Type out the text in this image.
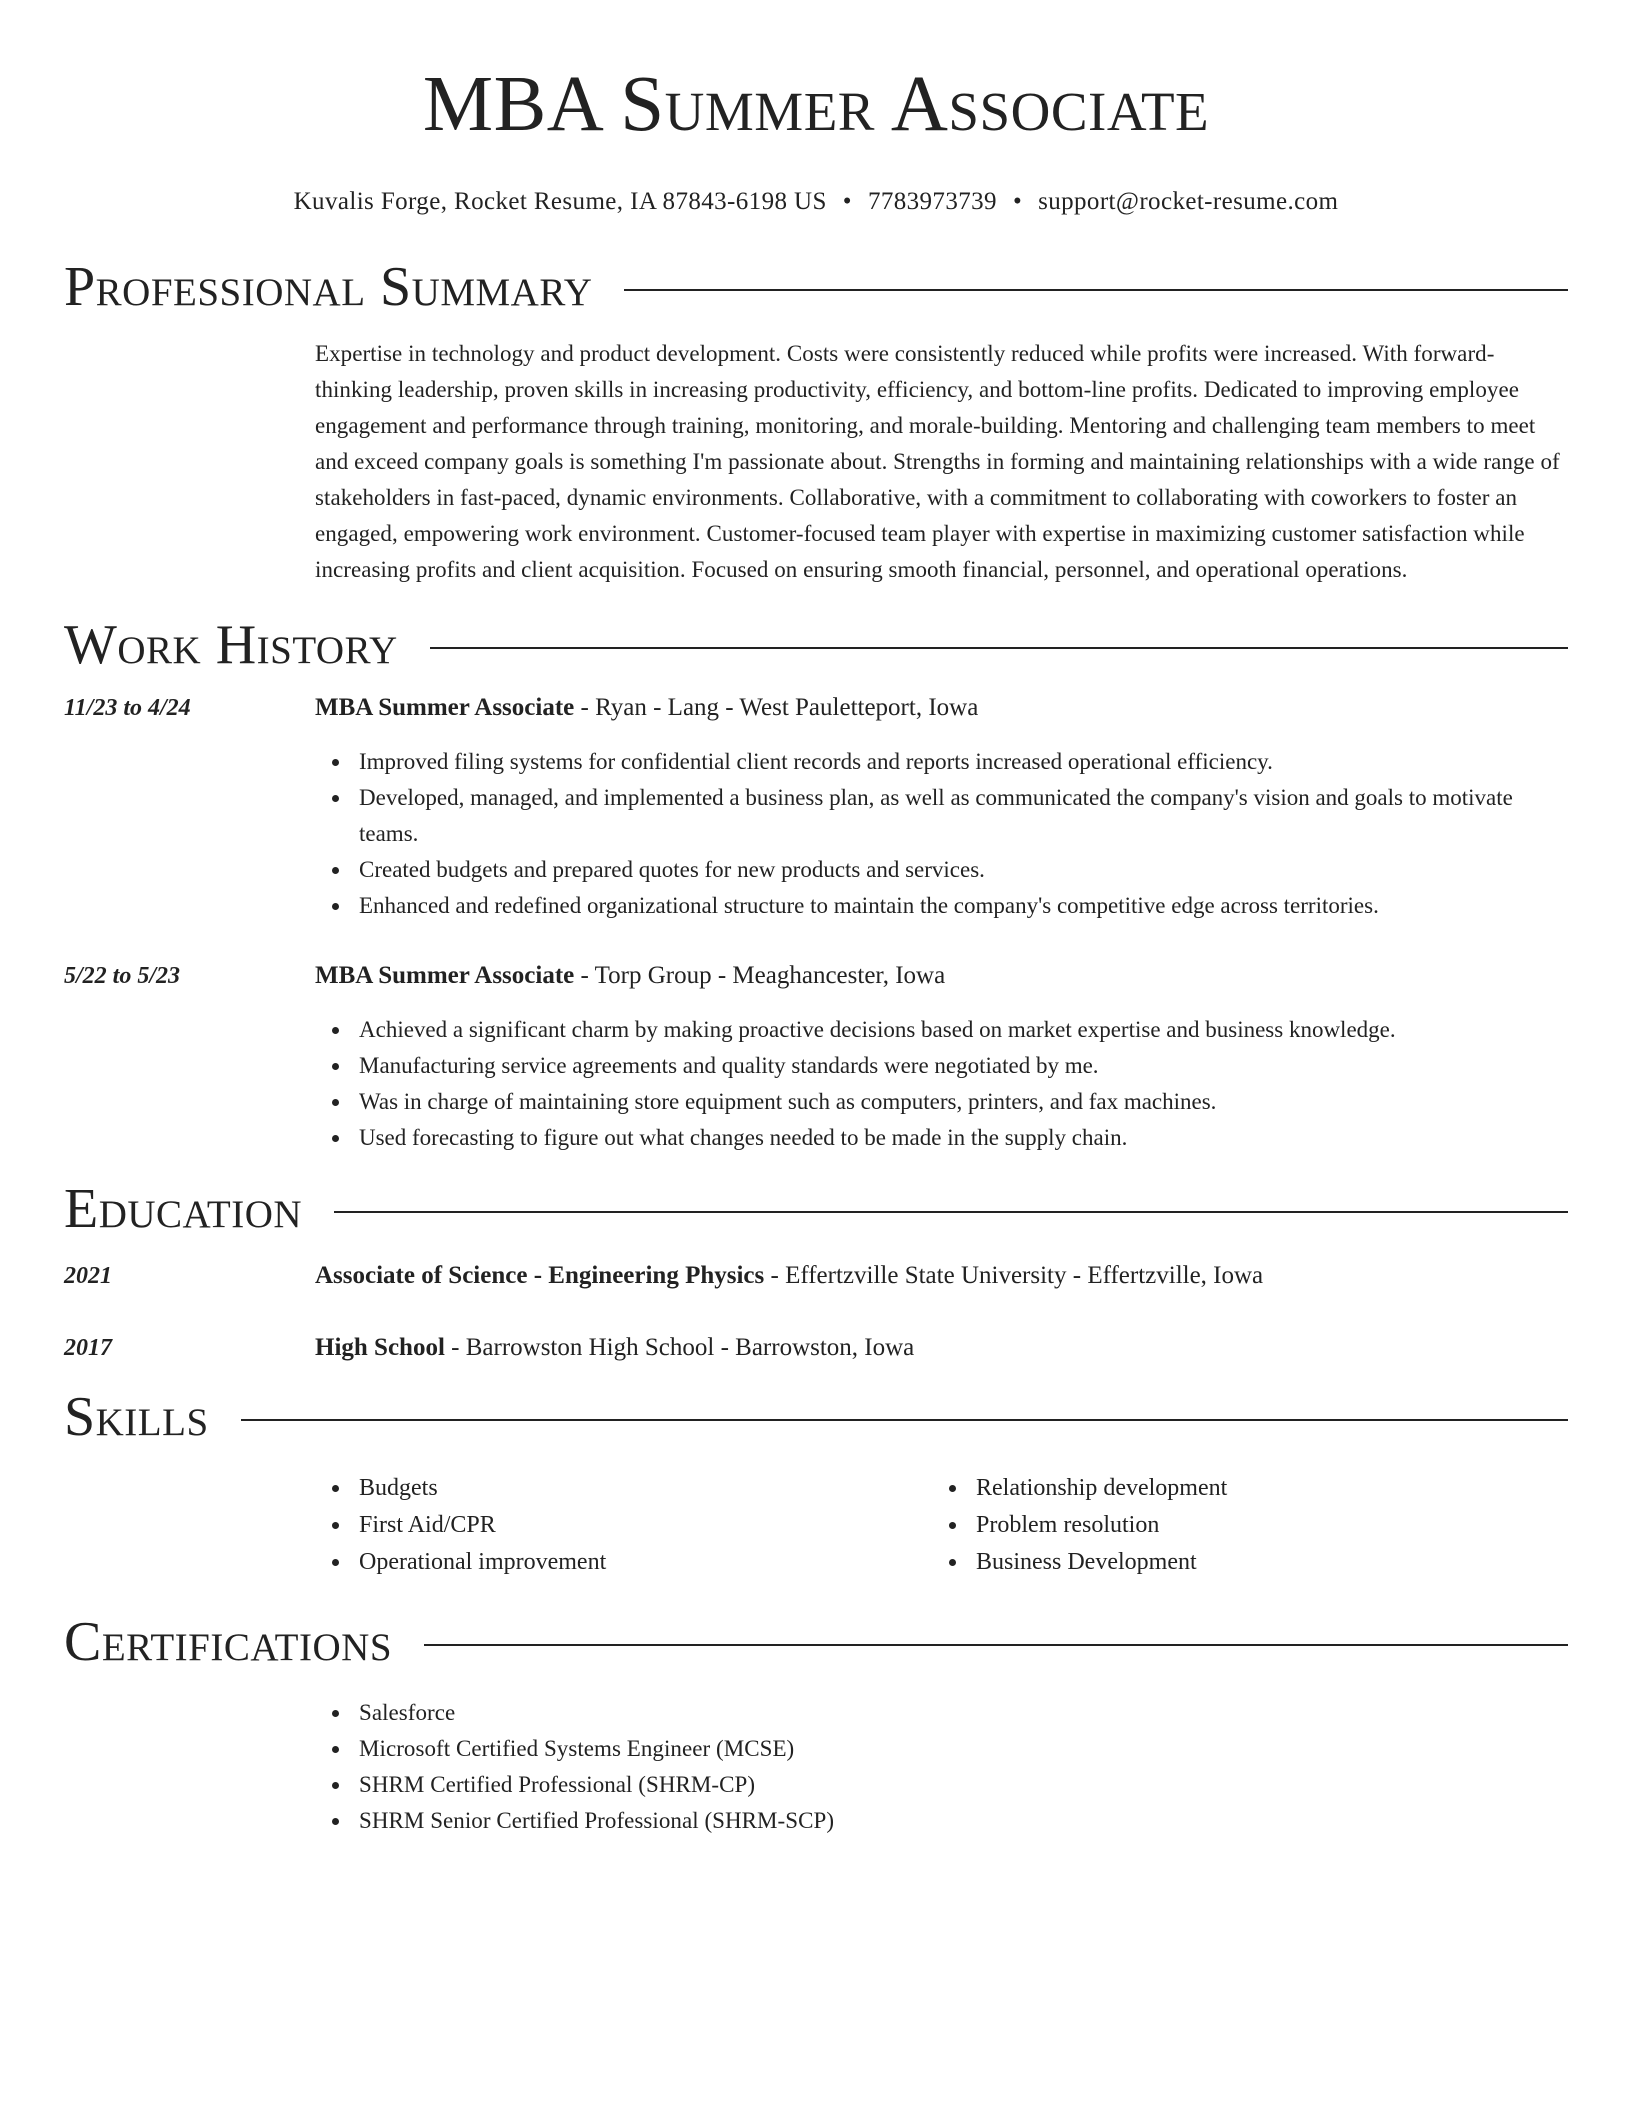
MBA Summer Associate
Kuvalis Forge, Rocket Resume, IA 87843-6198 US • 7783973739 • support@rocket-resume.com
Professional Summary
Expertise in technology and product development. Costs were consistently reduced while profits were increased. With forward-thinking leadership, proven skills in increasing productivity, efficiency, and bottom-line profits. Dedicated to improving employee engagement and performance through training, monitoring, and morale-building. Mentoring and challenging team members to meet and exceed company goals is something I'm passionate about. Strengths in forming and maintaining relationships with a wide range of stakeholders in fast-paced, dynamic environments. Collaborative, with a commitment to collaborating with coworkers to foster an engaged, empowering work environment. Customer-focused team player with expertise in maximizing customer satisfaction while increasing profits and client acquisition. Focused on ensuring smooth financial, personnel, and operational operations.
Work History
11/23 to 4/24	MBA Summer Associate - Ryan - Lang - West Pauletteport, Iowa
Improved filing systems for confidential client records and reports increased operational efficiency.
Developed, managed, and implemented a business plan, as well as communicated the company's vision and goals to motivate teams.
Created budgets and prepared quotes for new products and services.
Enhanced and redefined organizational structure to maintain the company's competitive edge across territories.
5/22 to 5/23	MBA Summer Associate - Torp Group - Meaghancester, Iowa
Achieved a significant charm by making proactive decisions based on market expertise and business knowledge.
Manufacturing service agreements and quality standards were negotiated by me.
Was in charge of maintaining store equipment such as computers, printers, and fax machines.
Used forecasting to figure out what changes needed to be made in the supply chain.
Education
2021	Associate of Science - Engineering Physics - Effertzville State University - Effertzville, Iowa
2017	High School - Barrowston High School - Barrowston, Iowa
Skills
Budgets
First Aid/CPR
Operational improvement
Relationship development
Problem resolution
Business Development
Certifications
Salesforce
Microsoft Certified Systems Engineer (MCSE)
SHRM Certified Professional (SHRM-CP)
SHRM Senior Certified Professional (SHRM-SCP)
